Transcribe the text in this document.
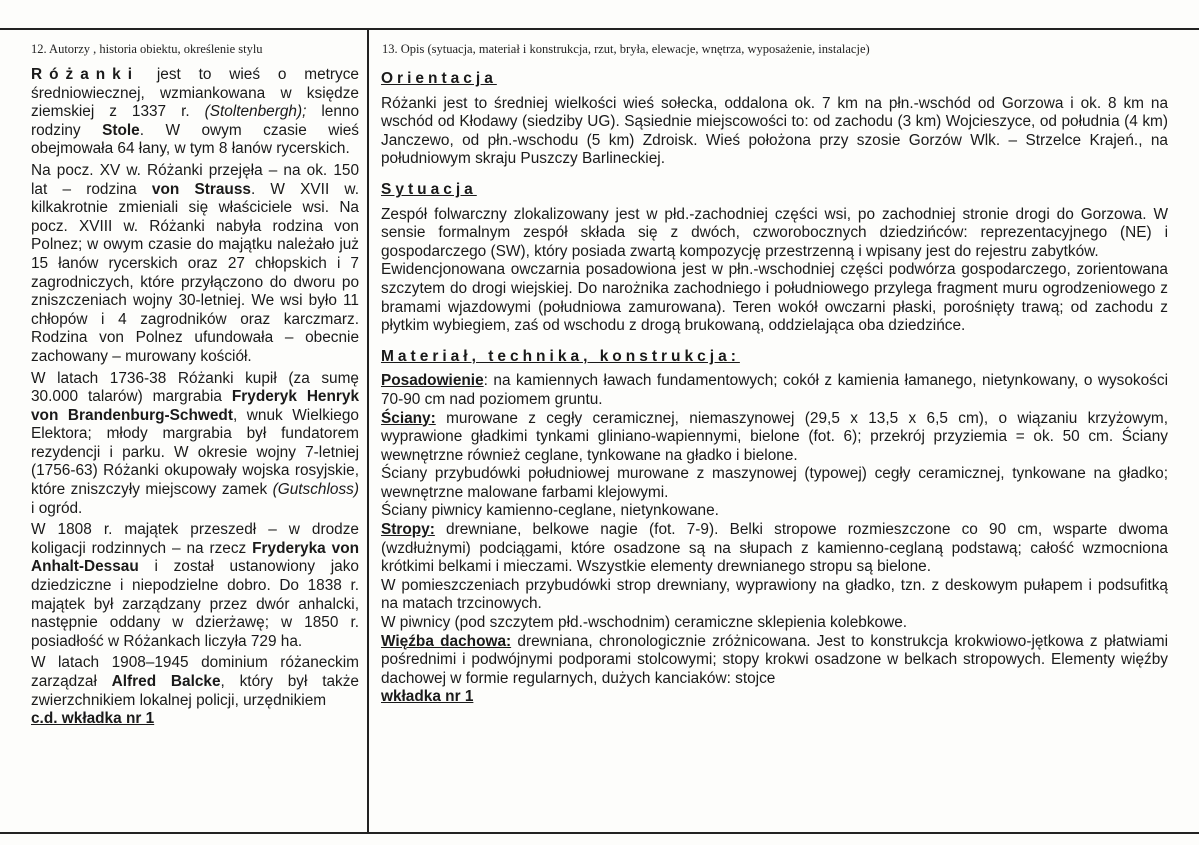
12. Autorzy , historia obiektu, określenie stylu	13. Opis (sytuacja, materiał i konstrukcja, rzut, bryła, elewacje, wnętrza, wyposażenie, instalacje)

Różanki jest to wieś o metryce średniowiecznej, wzmiankowana w księdze ziemskiej z 1337 r. (Stoltenbergh); lenno rodziny Stole. W owym czasie wieś obejmowała 64 łany, w tym 8 łanów rycerskich.

Na pocz. XV w. Różanki przejęła – na ok. 150 lat – rodzina von Strauss. W XVII w. kilkakrotnie zmieniali się właściciele wsi. Na pocz. XVIII w. Różanki nabyła rodzina von Polnez; w owym czasie do majątku należało już 15 łanów rycerskich oraz 27 chłopskich i 7 zagrodniczych, które przyłączono do dworu po zniszczeniach wojny 30-letniej. We wsi było 11 chłopów i 4 zagrodników oraz karczmarz. Rodzina von Polnez ufundowała – obecnie zachowany – murowany kościół.

W latach 1736-38 Różanki kupił (za sumę 30.000 talarów) margrabia Fryderyk Henryk von Brandenburg-Schwedt, wnuk Wielkiego Elektora; młody margrabia był fundatorem rezydencji i parku. W okresie wojny 7-letniej (1756-63) Różanki okupowały wojska rosyjskie, które zniszczyły miejscowy zamek (Gutschloss) i ogród.

W 1808 r. majątek przeszedł – w drodze koligacji rodzinnych – na rzecz Fryderyka von Anhalt-Dessau i został ustanowiony jako dziedziczne i niepodzielne dobro. Do 1838 r. majątek był zarządzany przez dwór anhalcki, następnie oddany w dzierżawę; w 1850 r. posiadłość w Różankach liczyła 729 ha.

W latach 1908–1945 dominium różaneckim zarządzał Alfred Balcke, który był także zwierzchnikiem lokalnej policji, urzędnikiem

c.d. wkładka nr 1
Orientacja

Różanki jest to średniej wielkości wieś sołecka, oddalona ok. 7 km na płn.-wschód od Gorzowa i ok. 8 km na wschód od Kłodawy (siedziby UG). Sąsiednie miejscowości to: od zachodu (3 km) Wojcieszyce, od południa (4 km) Janczewo, od płn.-wschodu (5 km) Zdroisk. Wieś położona przy szosie Gorzów Wlk. – Strzelce Krajeń., na południowym skraju Puszczy Barlineckiej.

Sytuacja

Zespół folwarczny zlokalizowany jest w płd.-zachodniej części wsi, po zachodniej stronie drogi do Gorzowa. W sensie formalnym zespół składa się z dwóch, czworobocznych dziedzińców: reprezentacyjnego (NE) i gospodarczego (SW), który posiada zwartą kompozycję przestrzenną i wpisany jest do rejestru zabytków.

Ewidencjonowana owczarnia posadowiona jest w płn.-wschodniej części podwórza gospodarczego, zorientowana szczytem do drogi wiejskiej. Do narożnika zachodniego i południowego przylega fragment muru ogrodzeniowego z bramami wjazdowymi (południowa zamurowana). Teren wokół owczarni płaski, porośnięty trawą; od zachodu z płytkim wybiegiem, zaś od wschodu z drogą brukowaną, oddzielająca oba dziedzińce.

Materiał, technika, konstrukcja:

Posadowienie: na kamiennych ławach fundamentowych; cokół z kamienia łamanego, nietynkowany, o wysokości 70-90 cm nad poziomem gruntu.

Ściany: murowane z cegły ceramicznej, niemaszynowej (29,5 x 13,5 x 6,5 cm), o wiązaniu krzyżowym, wyprawione gładkimi tynkami gliniano-wapiennymi, bielone (fot. 6); przekrój przyziemia = ok. 50 cm. Ściany wewnętrzne również ceglane, tynkowane na gładko i bielone.

Ściany przybudówki południowej murowane z maszynowej (typowej) cegły ceramicznej, tynkowane na gładko; wewnętrzne malowane farbami klejowymi.

Ściany piwnicy kamienno-ceglane, nietynkowane.

Stropy: drewniane, belkowe nagie (fot. 7-9). Belki stropowe rozmieszczone co 90 cm, wsparte dwoma (wzdłużnymi) podciągami, które osadzone są na słupach z kamienno-ceglaną podstawą; całość wzmocniona krótkimi belkami i mieczami. Wszystkie elementy drewnianego stropu są bielone.

W pomieszczeniach przybudówki strop drewniany, wyprawiony na gładko, tzn. z deskowym pułapem i podsufitką na matach trzcinowych.

W piwnicy (pod szczytem płd.-wschodnim) ceramiczne sklepienia kolebkowe.

Więźba dachowa: drewniana, chronologicznie zróżnicowana. Jest to konstrukcja krokwiowo-jętkowa z płatwiami pośrednimi i podwójnymi podporami stolcowymi; stopy krokwi osadzone w belkach stropowych. Elementy więźby dachowej w formie regularnych, dużych kanciaków: stojce

wkładka nr 1
